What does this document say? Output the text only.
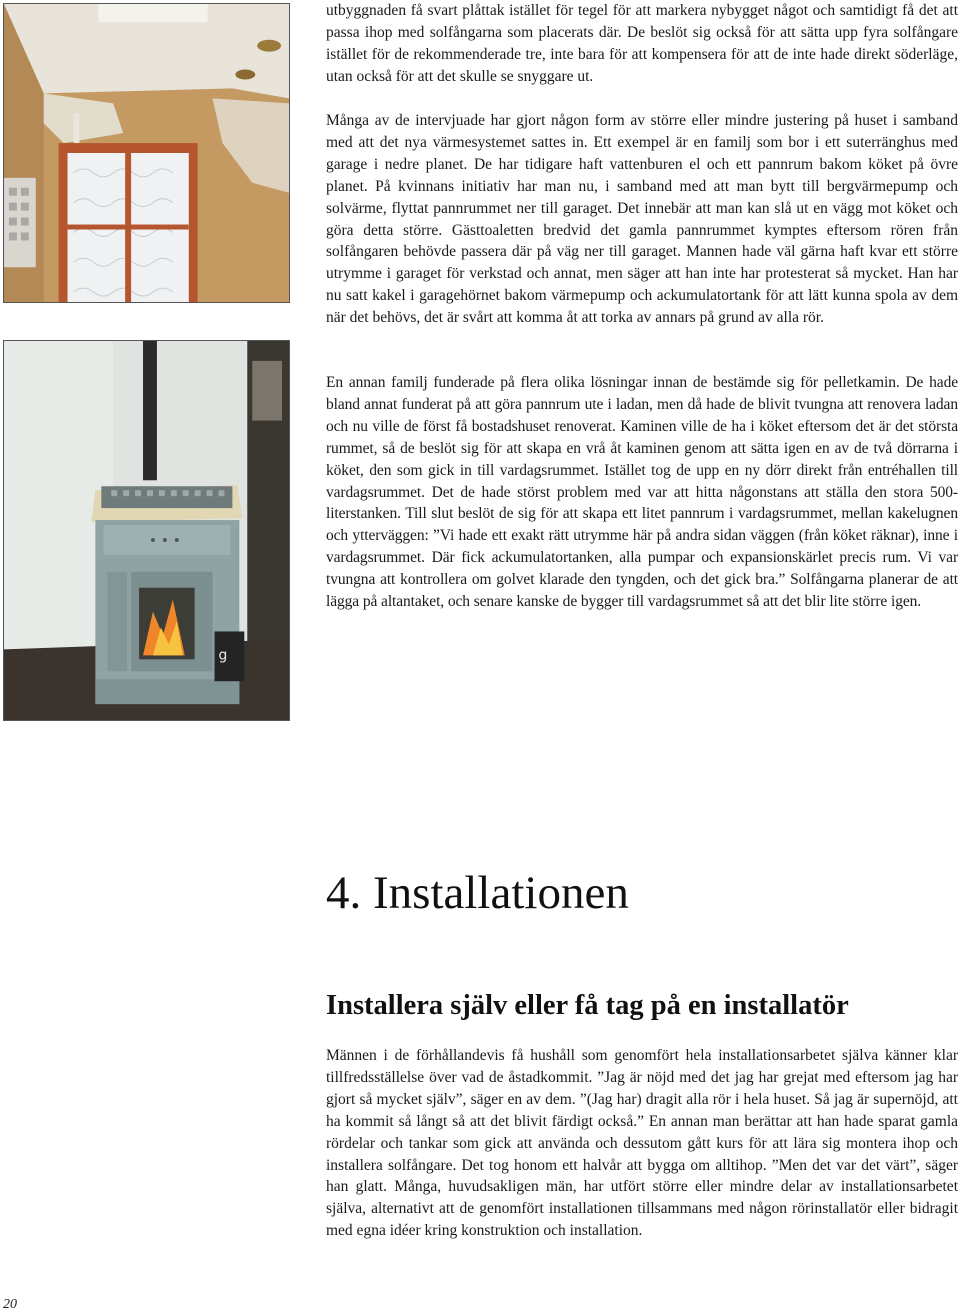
g

utbyggnaden få svart plåttak istället för tegel för att markera nybygget något och samtidigt få det att passa ihop med solfångarna som placerats där. De beslöt sig också för att sätta upp fyra solfångare istället för de rekommenderade tre, inte bara för att kompensera för att de inte hade direkt söderläge, utan också för att det skulle se snyggare ut.

Många av de intervjuade har gjort någon form av större eller mindre justering på huset i samband med att det nya värmesystemet sattes in. Ett exempel är en familj som bor i ett suterränghus med garage i nedre planet. De har tidigare haft vattenburen el och ett pannrum bakom köket på övre planet. På kvinnans initiativ har man nu, i samband med att man bytt till bergvärmepump och solvärme, flyttat pannrummet ner till garaget. Det innebär att man kan slå ut en vägg mot köket och göra detta större. Gästtoaletten bredvid det gamla pannrummet kymptes eftersom rören från solfångaren behövde passera där på väg ner till garaget. Mannen hade väl gärna haft kvar ett större utrymme i garaget för verkstad och annat, men säger att han inte har protesterat så mycket. Han har nu satt kakel i garagehörnet bakom värmepump och ackumulatortank för att lätt kunna spola av dem när det behövs, det är svårt att komma åt att torka av annars på grund av alla rör.

En annan familj funderade på flera olika lösningar innan de bestämde sig för pelletkamin. De hade bland annat funderat på att göra pannrum ute i ladan, men då hade de blivit tvungna att renovera ladan och nu ville de först få bostadshuset renoverat. Kaminen ville de ha i köket eftersom det är det största rummet, så de beslöt sig för att skapa en vrå åt kaminen genom att sätta igen en av de två dörrarna i köket, den som gick in till vardagsrummet. Istället tog de upp en ny dörr direkt från entréhallen till vardagsrummet. Det de hade störst problem med var att hitta någonstans att ställa den stora 500-literstanken. Till slut beslöt de sig för att skapa ett litet pannrum i vardagsrummet, mellan kakelugnen och ytterväggen: ”Vi hade ett exakt rätt utrymme här på andra sidan väggen (från köket räknar), inne i vardagsrummet. Där fick ackumulatortanken, alla pumpar och expansionskärlet precis rum. Vi var tvungna att kontrollera om golvet klarade den tyngden, och det gick bra.” Solfångarna planerar de att lägga på altantaket, och senare kanske de bygger till vardagsrummet så att det blir lite större igen.

4. Installationen
Installera själv eller få tag på en installatör

Männen i de förhållandevis få hushåll som genomfört hela installationsarbetet själva känner klar tillfredsställelse över vad de åstadkommit. ”Jag är nöjd med det jag har grejat med eftersom jag har gjort så mycket själv”, säger en av dem. ”(Jag har) dragit alla rör i hela huset. Så jag är supernöjd, att ha kommit så långt så att det blivit färdigt också.” En annan man berättar att han hade sparat gamla rördelar och tankar som gick att använda och dessutom gått kurs för att lära sig montera ihop och installera solfångare. Det tog honom ett halvår att bygga om alltihop. ”Men det var det värt”, säger han glatt. Många, huvudsakligen män, har utfört större eller mindre delar av installationsarbetet själva, alternativt att de genomfört installationen tillsammans med någon rörinstallatör eller bidragit med egna idéer kring konstruktion och installation.

20
